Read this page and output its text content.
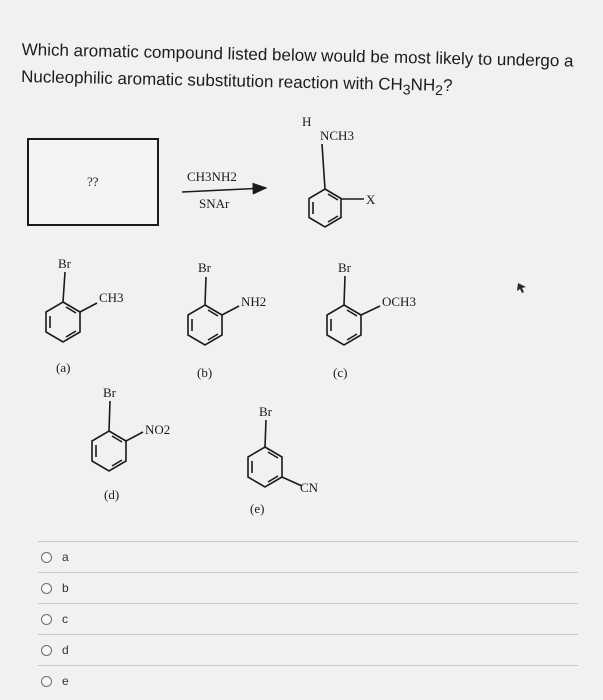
Which aromatic compound listed below would be most likely to undergo a

Nucleophilic aromatic substitution reaction with $CH_3NH_2$?

??	CH3NH2
SNAr
H
NCH3
X
Br
CH3
(a)
Br
NH2
(b)
Br
OCH3
(c)
Br
NO2
(d)
Br
CN
(e)
a
b
c
d
e
